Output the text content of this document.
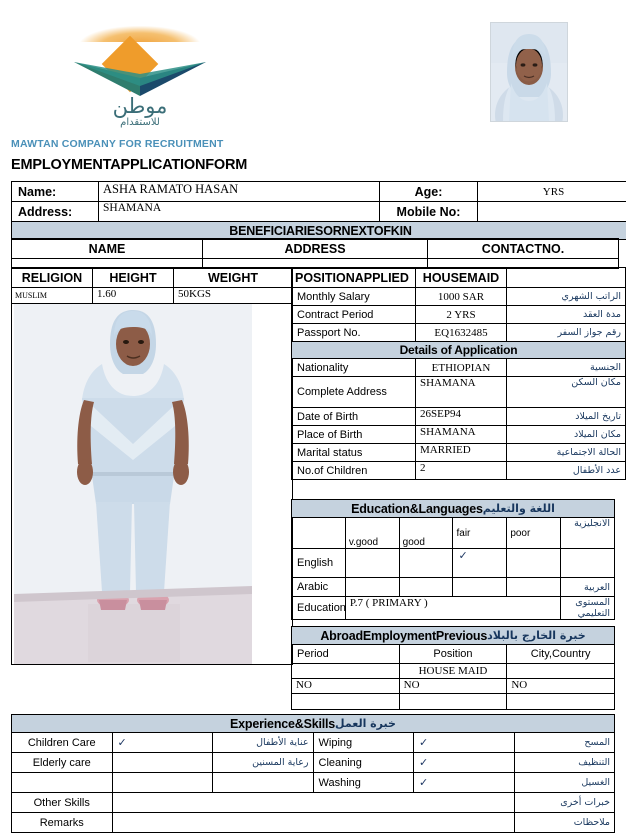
موطن
للاستقدام
MAWTAN COMPANY FOR RECRUITMENT
EMPLOYMENTAPPLICATIONFORM
Name:	ASHA RAMATO HASAN	Age:	YRS
Address:	SHAMANA	Mobile No:	
BENEFICIARIESORNEXTOFKIN			
NAME	ADDRESS	CONTACTNO.

RELIGION	HEIGHT	WEIGHT
MUSLIM	1.60	50KGS

POSITIONAPPLIED	HOUSEMAID	
Monthly Salary	1000 SAR	الراتب الشهري
Contract Period	2 YRS	مدة العقد
Passport No.	EQ1632485	رقم جواز السفر
Details of Application		
Nationality	ETHIOPIAN	الجنسية
Complete Address	SHAMANA	مكان السكن
Date of Birth	26SEP94	تاريخ الميلاد
Place of Birth	SHAMANA	مكان الميلاد
Marital status	MARRIED	الحالة الاجتماعية
No.of Children	2	عدد الأطفال
Education&Languages اللغة والتعليم					

	v.good	good	fair	poor	الانجليزية
English			✓		
Arabic					العربية
Education	P.7 ( PRIMARY )				المستوى التعليمي
AbroadEmploymentPrevious خبرة الخارج بالبلاد		

Period	Position	City,Country
	HOUSE MAID	
NO	NO	NO

Experience&Skills خبرة العمل					

Children Care	✓	عناية الأطفال	Wiping	✓	المسح
Elderly care		رعاية المسنين	Cleaning	✓	التنظيف
			Washing	✓	الغسيل
Other Skills					خبرات أخرى
Remarks					ملاحظات
